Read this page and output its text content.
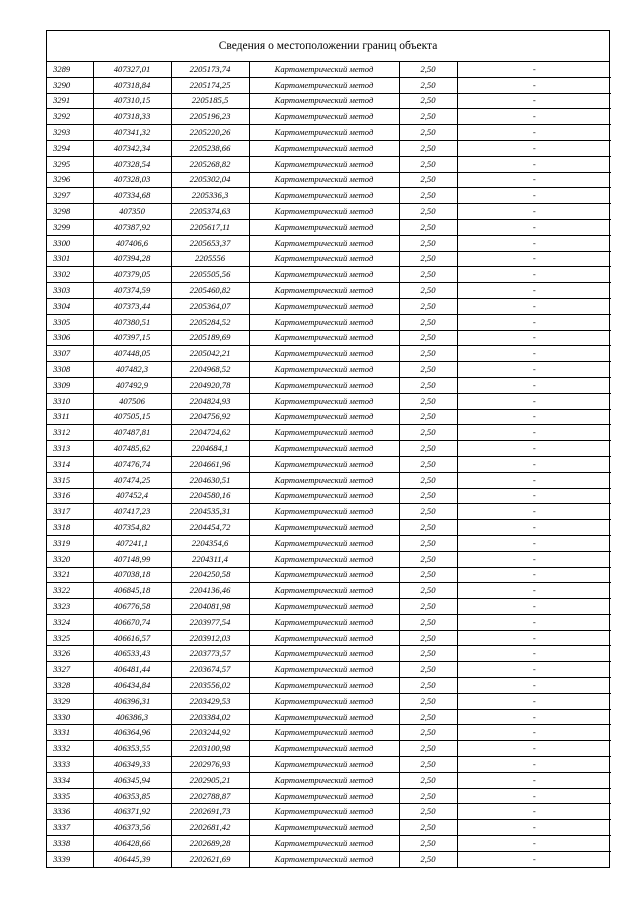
Сведения о местоположении границ объекта
3289	407327,01	2205173,74	Картометрический метод	2,50	-
3290	407318,84	2205174,25	Картометрический метод	2,50	-
3291	407310,15	2205185,5	Картометрический метод	2,50	-
3292	407318,33	2205196,23	Картометрический метод	2,50	-
3293	407341,32	2205220,26	Картометрический метод	2,50	-
3294	407342,34	2205238,66	Картометрический метод	2,50	-
3295	407328,54	2205268,82	Картометрический метод	2,50	-
3296	407328,03	2205302,04	Картометрический метод	2,50	-
3297	407334,68	2205336,3	Картометрический метод	2,50	-
3298	407350	2205374,63	Картометрический метод	2,50	-
3299	407387,92	2205617,11	Картометрический метод	2,50	-
3300	407406,6	2205653,37	Картометрический метод	2,50	-
3301	407394,28	2205556	Картометрический метод	2,50	-
3302	407379,05	2205505,56	Картометрический метод	2,50	-
3303	407374,59	2205460,82	Картометрический метод	2,50	-
3304	407373,44	2205364,07	Картометрический метод	2,50	-
3305	407380,51	2205284,52	Картометрический метод	2,50	-
3306	407397,15	2205189,69	Картометрический метод	2,50	-
3307	407448,05	2205042,21	Картометрический метод	2,50	-
3308	407482,3	2204968,52	Картометрический метод	2,50	-
3309	407492,9	2204920,78	Картометрический метод	2,50	-
3310	407506	2204824,93	Картометрический метод	2,50	-
3311	407505,15	2204756,92	Картометрический метод	2,50	-
3312	407487,81	2204724,62	Картометрический метод	2,50	-
3313	407485,62	2204684,1	Картометрический метод	2,50	-
3314	407476,74	2204661,96	Картометрический метод	2,50	-
3315	407474,25	2204630,51	Картометрический метод	2,50	-
3316	407452,4	2204580,16	Картометрический метод	2,50	-
3317	407417,23	2204535,31	Картометрический метод	2,50	-
3318	407354,82	2204454,72	Картометрический метод	2,50	-
3319	407241,1	2204354,6	Картометрический метод	2,50	-
3320	407148,99	2204311,4	Картометрический метод	2,50	-
3321	407038,18	2204250,58	Картометрический метод	2,50	-
3322	406845,18	2204136,46	Картометрический метод	2,50	-
3323	406776,58	2204081,98	Картометрический метод	2,50	-
3324	406670,74	2203977,54	Картометрический метод	2,50	-
3325	406616,57	2203912,03	Картометрический метод	2,50	-
3326	406533,43	2203773,57	Картометрический метод	2,50	-
3327	406481,44	2203674,57	Картометрический метод	2,50	-
3328	406434,84	2203556,02	Картометрический метод	2,50	-
3329	406396,31	2203429,53	Картометрический метод	2,50	-
3330	406386,3	2203384,02	Картометрический метод	2,50	-
3331	406364,96	2203244,92	Картометрический метод	2,50	-
3332	406353,55	2203100,98	Картометрический метод	2,50	-
3333	406349,33	2202976,93	Картометрический метод	2,50	-
3334	406345,94	2202905,21	Картометрический метод	2,50	-
3335	406353,85	2202788,87	Картометрический метод	2,50	-
3336	406371,92	2202691,73	Картометрический метод	2,50	-
3337	406373,56	2202681,42	Картометрический метод	2,50	-
3338	406428,66	2202689,28	Картометрический метод	2,50	-
3339	406445,39	2202621,69	Картометрический метод	2,50	-
